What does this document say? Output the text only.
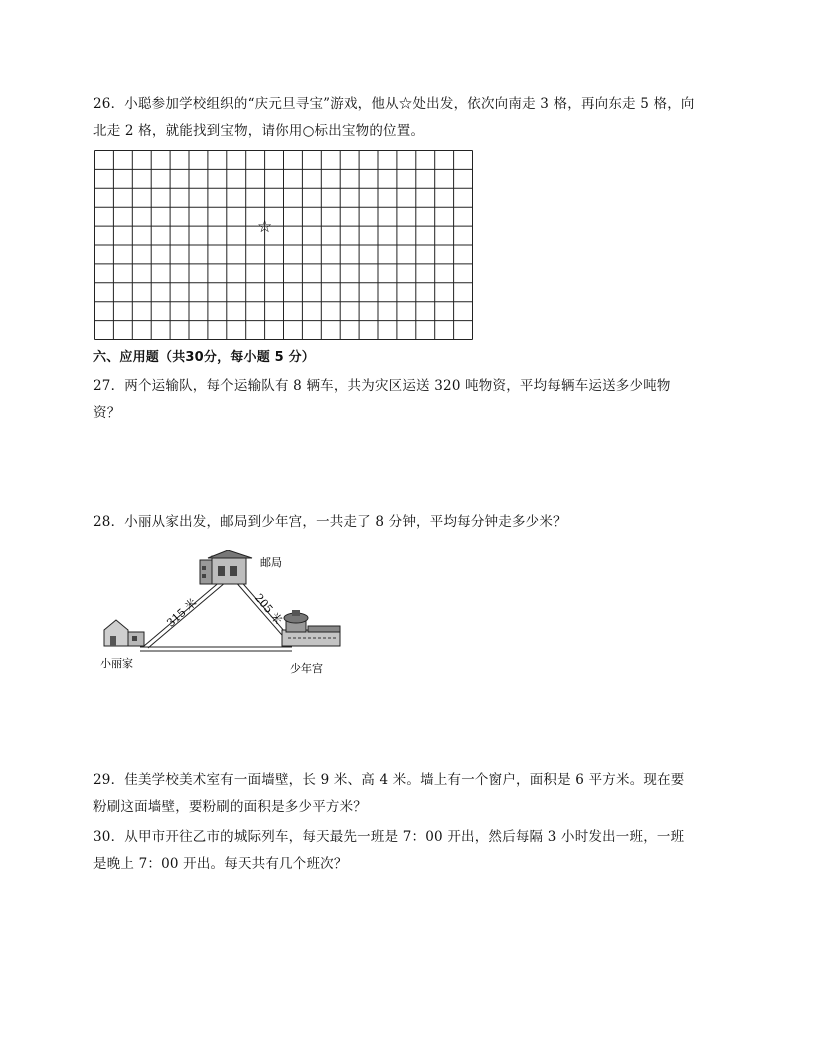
26．小聪参加学校组织的“庆元旦寻宝”游戏，他从☆处出发，依次向南走 3 格，再向东走 5 格，向
北走 2 格，就能找到宝物，请你用○标出宝物的位置。
☆
六、应用题（共30分，每小题 5 分）
27．两个运输队，每个运输队有 8 辆车，共为灾区运送 320 吨物资，平均每辆车运送多少吨物
资？
28．小丽从家出发，邮局到少年宫，一共走了 8 分钟，平均每分钟走多少米？
邮局
小丽家	少年宫
315 米	205 米
29．佳美学校美术室有一面墙壁，长 9 米、高 4 米。墙上有一个窗户，面积是 6 平方米。现在要
粉刷这面墙壁，要粉刷的面积是多少平方米？
30．从甲市开往乙市的城际列车，每天最先一班是 7：00 开出，然后每隔 3 小时发出一班，一班
是晚上 7：00 开出。每天共有几个班次？
